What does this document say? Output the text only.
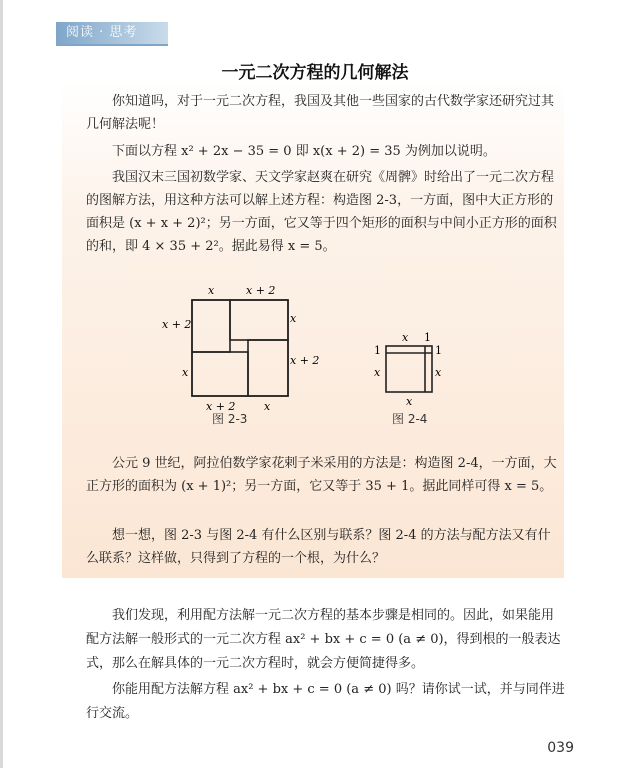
阅读 · 思考
一元二次方程的几何解法
你知道吗，对于一元二次方程，我国及其他一些国家的古代数学家还研究过其几何解法呢！
下面以方程 x² + 2x − 35 = 0 即 x(x + 2) = 35 为例加以说明。
我国汉末三国初数学家、天文学家赵爽在研究《周髀》时给出了一元二次方程的图解方法，用这种方法可以解上述方程：构造图 2-3，一方面，图中大正方形的面积是 (x + x + 2)²；另一方面，它又等于四个矩形的面积与中间小正方形的面积的和，即 4 × 35 + 2²。据此易得 x = 5。
x	x + 2
x + 2
x
x
x + 2
x + 2	x
图 2-3
x 1
1
x
1
x
x
图 2-4
公元 9 世纪，阿拉伯数学家花剌子米采用的方法是：构造图 2-4，一方面，大正方形的面积为 (x + 1)²；另一方面，它又等于 35 + 1。据此同样可得 x = 5。
想一想，图 2-3 与图 2-4 有什么区别与联系？图 2-4 的方法与配方法又有什么联系？这样做，只得到了方程的一个根，为什么？
我们发现，利用配方法解一元二次方程的基本步骤是相同的。因此，如果能用配方法解一般形式的一元二次方程 ax² + bx + c = 0 (a ≠ 0)，得到根的一般表达式，那么在解具体的一元二次方程时，就会方便简捷得多。
你能用配方法解方程 ax² + bx + c = 0 (a ≠ 0) 吗？请你试一试，并与同伴进行交流。
039
